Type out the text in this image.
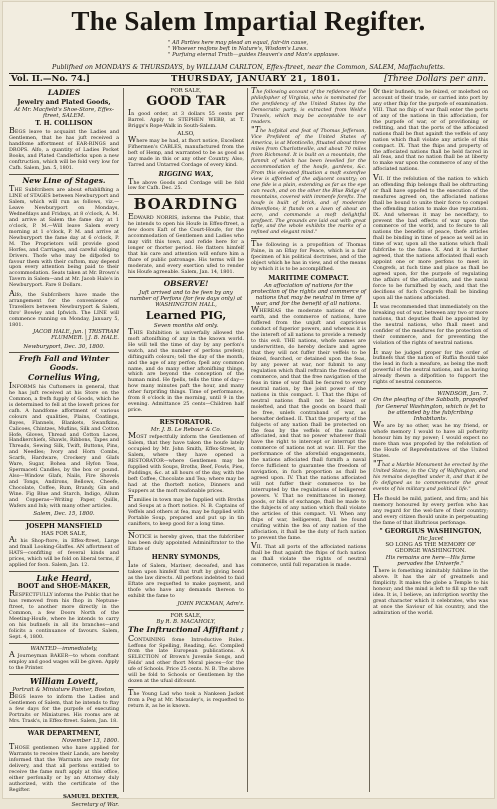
The Salem Impartial Regifter.
" All Parties here may plead an equal, fair-tin cause,
" Whoever reafons beft in Nature's, Wisdom's Laws.
" Purfuing eternal Truth—guides Heaven's and Man's applause.
Publifhed on MONDAYS & THURSDAYS, by WILLIAM CARLTON, Effex-ftreet, near the Common, SALEM, Maffachufetts.
Vol. II.—No. 74.]	THURSDAY, JANUARY 21, 1801.	[Three Dollars per ann.
LADIES
Jewelry and Plated Goods,
At Mr. Macfield's Shoe-Store, Effex-ftreet, SALEM.
T. H. COLLISON
BEGS leave to acquaint the Ladies and Gentlemen, that he has juft received a handfome affortment of EAR-RINGS and DROPS. Alfo, a quantity of Ladies Pocket Books, and Plated Candlefticks upon a new conftruction, which will be fold very low for Cafh. Salem, Jan. 5, 1801.
New Line of Stages.
THE Subfcribers are about eftablifhing a LINE of STAGES between Newburyport and Salem, which will run as follows, viz.—Leave Newburyport on Mondays, Wednefdays and Fridays, at 8 o'clock, A. M. and arrive at Salem the fame day at 1 o'clock, P. M.—Will leave Salem every morning at 1 o'clock, P. M. and arrive at Newburyport the fame day at 6 o'clock, P. M. The Proprietors will provide good Horfes, and Carriages, and careful obliging Drivers. Thofe who may be difpofed to favour them with their cuftom, may depend upon every attention being paid to their accommodation. Seats taken at Mr. Brown's Tavern in Salem—and at Mr. Jacob Hale's in Newburyport. Fare 8 Dollars.
Alfo, the Subfcribers have made the arrangement for the convenience of Travellers between Newburyport & Salem, thro' Bowley and Ipfwich. The LINE will commence running on Monday, January 5, 1801.
JACOB HALE, jun. | TRISTRAM FLUMMER. | J. B. HALE.
Newburyport, Dec. 30, 1800.
Frefh Fall and Winter Goods.
Cornelius Wing,
INFORMS his Cuftomers in general, that he has juft received at his Store on the Common, a frefh fupply of Goods, which he is determined to fell at the loweft prices for cafh. A handfome affortment of various colours and qualities, Plains, Coatings, Bayes, Flannels, Blankets, Swanfkins, Calicoes, Chintzes, Muflins, Silk and Cotton Hofe, Gloves, Thread and Cotton Laces, Handkerchiefs, Shawls, Ribbons, Tapes and Threads, Sewing Silk, Twift, Buttons, Pins, and Needles; Ivory and Horn Combs, Scarfs, Hardware, Crockery and Glafs Ware, Sugar, Bohea and Hyfon Teas, Spermaceti Candles, by the box or pound. Also—Window Glafs, Nails, Fire Shovels and Tongs, Andirons, Bellows, Cheefe, Chocolate, Coffee, Rum, Brandy, Gin and Wine. Fig Blue and Starch, Indigo, Allum and Copperas—Writing Paper, Quills, Wafers and Ink; with many other articles.
Salem, Dec. 15, 1800.
JOSEPH MANSFIELD
HAS FOR SALE,
At his Shop-ftore, in Effex-ftreet, Large and fmall Looking-Glaffes. AN affortment of HATS—confifting of feveral kinds and prices, which will be fold on liberal terms, if applied for foon. Salem, Jan. 12.
Luke Heard,
BOOT and SHOE-MAKER,
RESPECTFULLY informs the Public that he has removed from his fhop in Neptune-ftreet, to another more directly in the Common, a few Doors North of the Meeting-Houfe, where he intends to carry on his bufinefs in all its branches—and folicits a continuance of favours. Salem, Sept. 4, 1800.
WANTED—immediately,
A Journeyman BAKER—to whom conftant employ and good wages will be given. Apply to the Printer.
William Lovett,
Portrait & Miniature Painter, Boston,
BEGS leave to inform the Ladies and Gentlemen of Salem, that he intends to ftay a few days for the purpofe of executing Portraits or Miniatures. His rooms are at Mrs. Trask's, in Effex-ftreet. Salem, Jan. 18.
WAR DEPARTMENT,
November 13, 1800.
THOSE gentlemen who have applied for Warrants to receive their Lands, are hereby informed that the Warrants are ready for delivery, and that all perfons entitled to receive the fame muft apply at this office, either perfonally or by an Attorney duly authorized, with the certificate of the Regifter.
SAMUEL DEXTER,
Secretary of War.
FOR SALE,
GOOD TAR
In good order, at 3 dollars 55 cents per Barrel. Apply to STEPHEN WEBB, at T. Briggs's Rope-Walk in South-Salem.
ALSO,
Where may be had, at fhort notice, Excellent Fifhermen's CABLES, manufactured from the beft of Hemp, and warranted to be as good as any made in this or any other Country. Also, Tarred and Untarred Cordage of every kind.
RIGGING WAX,
The above Goods and Cordage will be fold low for Cafh. Dec. 25.
BOARDING
EDWARD NORRIS, informs the Public, that he intends to open his Houfe in Effex-ftreet, a few doors Eaft of the Court-Houfe, for the accommodation of Gentlemen and Ladies who may vifit this town, and refide here for a longer or fhorter period. He flatters himfelf that his care and attention will enfure him a fhare of public patronage. His terms will be moderate, and every exertion ufed to render his Houfe agreeable. Salem, Jan. 14, 1801.
OBSERVE!
Juft arrived and to be feen by any number of Perfons (for few days only) at WASHINGTON HALL,
Learned PIG,
Seven months old only.
THIS Exhibition is univerfally allowed the moft aftonifhing of any in the known world. He will tell the time of day by any perfon's watch, and the number of perfons prefent; diftinguifh colours; tell the day of the month, and the age of any perfon; fpell any common name, and do many other aftonifhing things, which are beyond the conception of the human mind. He fpells, tells the time of day—how many minutes paft the hour, and many other furprifing things. Time of performance, from 8 o'clock in the morning, until 9 in the evening. Admittance 25 cents—Children half price.
RESTORATOR.
Mr. J. B. Le Rebour & Co.
MOST refpectfully inform the Gentlemen of Salem, that they have taken the houfe lately occupied by Mr. John Smith, Effex-Street, in Salem, where they have opened a RESTORATOR—where Gentlemen may be fupplied with Soups, Broths, Beef, Fowls, Pies, Puddings, &c. at all hours of the day, with the beft Coffee, Chocolate and Tea; where may be had at the fhorteft notice, Dinners and Suppers at the moft reafonable prices.
Families in town may be fupplied with Broths and Soups at a fhort notice. N. B. Captains of Veffels and others at fea, may be fupplied with Portable Soup, prepared and put up in tin canifters, to keep good for a long time.
NOTICE is hereby given, that the fubfcriber has been duly appointed Adminiftrator to the Eftate of
HENRY SYMONDS,
late of Salem, Mariner, deceafed, and has taken upon himfelf that truft by giving bond as the law directs. All perfons indebted to faid Eftate are requefted to make payment, and thofe who have any demands thereon to exhibit the fame to
JOHN PICKMAN, Adm'r.
FOR SALE,
By R. B. MACAHOLY,
The Inftructional Affiftant ;
CONTAINING fome Introductive Rules. Leffons for Spelling, Reading, &c. Compiled from the late European publications. A SELECTION of Brown's Juvenile Songs, and Felds' and other fhort Moral pieces—for the ufe of Schools. Price 25 cents. N. B. The above will be fold to Schools or Gentlemen by the dozen at the ufual difcount.
The Young Lad who took a Nankeen Jacket from a Peg at Mr. Macauley's, is requefted to return it, as he is known.
The following account of the refidence of the philofopher of Virginia, who is nominated for the prefidency of the United States by the Democratic party, is extracted from Weld's Travels, which may be acceptable to our readers.
"The hofpital and feat of Thomas Jefferson, Vice Prefident of the United States of America, is at Monticello, fituated about three miles from Charlotteville, and about 70 miles from Richmond. It is built on a mountain, the fummit of which has been levelled for the accommodation of the houfe, gardens, &c. From this elevated fituation a moft extenfive view is afforded of the adjacent country; on one fide is a plain, extending as far as the eye can reach, and on the other the Blue Ridge of mountains, covered with immenfe forefts. The houfe is built of brick, and of moderate dimenfions; it ftands on a lawn of about an acre, and commands a moft delightful profpect. The grounds are laid out with great tafte, and the whole exhibits the marks of a refined and elegant mind."
The following is a propofition of Thomas Paine, in an Eflay for Peace, which is a fair fpecimen of his political doctrines, and of the object which he has in view, and of the means by which it is to be accomplifhed.
MARITIME COMPACT.
An affociation of nations for the protection of the rights and commerce of nations that may be neutral in time of war, and for the benefit of all nations.
WHEREAS the moderate nations of the earth, and the commerce of nations, have fuffered from the unjuft and capricious conduct of fuperior powers, and whereas it is the intereft of all nations to provide a remedy to this evil. THE nations, whofe names are underwritten, do hereby declare and agree that they will not fuffer their veffels to be feized, fearched, or detained upon the feas, by any power at war, nor fubmit to any regulation which fhall reftrain the freedom of commerce, and that the free navigation of the feas in time of war fhall be fecured to every neutral nation, by the joint power of the nations in this compact. I. That the fhips of neutral nations fhall not be feized or molefted, and that the goods on board fhall be free, unlefs contraband of war, as hereafter defined. II. That the property of the fubjects of any nation fhall be protected on the feas by the veffels of the nations affociated, and that no power whatever fhall have the right to intercept or interrupt the commerce of nations not at war. III. For the performance of the aforefaid engagements, the nations affociated fhall furnifh a naval force fufficient to guarantee the freedom of navigation, in fuch proportion as fhall be agreed upon. IV. That the nations affociated will not fuffer their commerce to be interrupted by the regulations of belligerent powers. V. That no remittances in money, goods, or bills of exchange, fhall be made to the fubjects of any nation which fhall violate the articles of this compact. VI. When any fhips of war, belligerent, fhall be found cruifing within the fea of any nation of the affociation, it fhall be the duty of fuch nation to prevent the fame.
VII. That all ports of the affociated nations fhall be fhut againft the fhips of fuch nation as fhall violate the rights of neutral commerce, until full reparation is made.
of their bufinefs, to be feized, or molefted on account of their trade, or carried into port by any other fhip for the purpofe of examination. VIII. That no fhip of war fhall enter the ports of any of the nations in this affociation, for the purpofe of war, or of provifioning or refitting, and that the ports of the affociated nations fhall be fhut againft the veffels of any nation which fhall violate any article of this compact. IX. That the fhips and property of the affociated nations fhall be held facred in all feas, and that no nation fhall be at liberty to make war upon the commerce of any of the affociated nations.
VII. If the refolution of the nation to which an offending fhip belongs fhall be obftructing or fhall have oppofed to the execution of the meafures agreed on, the affociated nations fhall be bound to unite their force to compel the offending nation to make due reparation. IX. And whereas it may be neceffary, to prevent the bad effects of war upon the commerce of the world, and to fecure to all nations the benefits of peace, thefe articles fhall be binding in time of peace as well as in time of war, upon all the nations which fhall fubfcribe to the fame. X. And it is further agreed, that the nations affociated fhall each appoint one or more perfons to meet in Congrefs, at fuch time and place as fhall be agreed upon, for the purpofe of regulating the affairs of the affociation, and the naval force to be furnifhed by each, and that the decifions of fuch Congrefs fhall be binding upon all the nations affociated.
It was recommended that immediately on the breaking out of war, between any two or more nations, that deputies fhall be appointed by the neutral nations, who fhall meet and confider of the meafures for the protection of their commerce, and for preventing the violation of the rights of neutral nations.
It may be judged proper for the order of bufinefs that the nation of Ruffia fhould take the lead in fuch a meafure, as being the moft powerful of the neutral nations, and as having already fhewn a difpofition to fupport the rights of neutral commerce.
WINDSOR, Jan. 7.
On the pleafing of the Sabbath, propofed for General Washington, which is fet to be attended by the fubfcribing Inhabitants.
We are by no other, was he my friend, or whofe memory I would to have all pofterity honour him by my power; I would expect no more than was propofed by the refolution of the Houfe of Reprefentatives of the United States.
"That a Marble Monument be erected by the United States, in the City of Wafhington, and his remains depofited under it, and that it be fo defigned as to commemorate the great events of his military and political life."
He fhould be mild, patient, and firm; and his memory honoured by every perfon who has any regard for the wel-fare of their country; and every citizen fhould unite in perpetuating the fame of that illuftrious perfonage.
" GEORGIUS WASHINGTON,
Hic Jacet
SO LONG AS THE MEMORY OF GEORGE WASHINGTON.
His remains are here—His fame pervades the Univerfe."
There is fomething inimitably fublime in the above. It has the air of greatnefs and fimplicity. It makes the globe a Temple to his honour; and the mind is left to fill up the vaft idea. It is, I believe, an infcription worthy the great character which it celebrates, who was at once the Saviour of his country, and the admiration of the world.
